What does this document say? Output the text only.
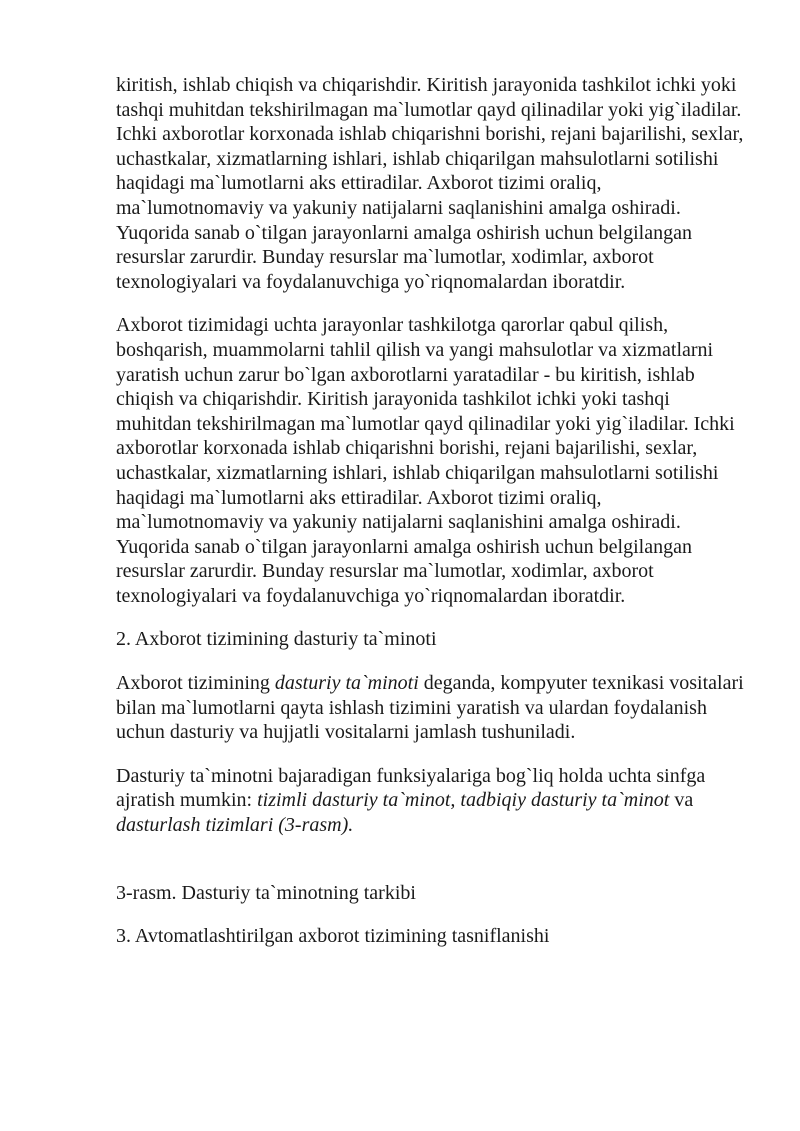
kiritish, ishlab chiqish va chiqarishdir. Kiritish jarayonida tashkilot ichki yoki tashqi muhitdan tekshirilmagan ma`lumotlar qayd qilinadilar yoki yig`iladilar. Ichki axborotlar korxonada ishlab chiqarishni borishi, rejani bajarilishi, sexlar, uchastkalar, xizmatlarning ishlari, ishlab chiqarilgan mahsulotlarni sotilishi haqidagi ma`lumotlarni aks ettiradilar. Axborot tizimi oraliq, ma`lumotnomaviy va yakuniy natijalarni saqlanishini amalga oshiradi. Yuqorida sanab o`tilgan jarayonlarni amalga oshirish uchun belgilangan resurslar zarurdir. Bunday resurslar ma`lumotlar, xodimlar, axborot texnologiyalari va foydalanuvchiga yo`riqnomalardan iboratdir.

Axborot tizimidagi uchta jarayonlar tashkilotga qarorlar qabul qilish, boshqarish, muammolarni tahlil qilish va yangi mahsulotlar va xizmatlarni yaratish uchun zarur bo`lgan axborotlarni yaratadilar - bu kiritish, ishlab chiqish va chiqarishdir. Kiritish jarayonida tashkilot ichki yoki tashqi muhitdan tekshirilmagan ma`lumotlar qayd qilinadilar yoki yig`iladilar. Ichki axborotlar korxonada ishlab chiqarishni borishi, rejani bajarilishi, sexlar, uchastkalar, xizmatlarning ishlari, ishlab chiqarilgan mahsulotlarni sotilishi haqidagi ma`lumotlarni aks ettiradilar. Axborot tizimi oraliq, ma`lumotnomaviy va yakuniy natijalarni saqlanishini amalga oshiradi. Yuqorida sanab o`tilgan jarayonlarni amalga oshirish uchun belgilangan resurslar zarurdir. Bunday resurslar ma`lumotlar, xodimlar, axborot texnologiyalari va foydalanuvchiga yo`riqnomalardan iboratdir.

2. Axborot tizimining dasturiy ta`minoti

Axborot tizimining dasturiy ta`minoti deganda, kompyuter texnikasi vositalari bilan ma`lumotlarni qayta ishlash tizimini yaratish va ulardan foydalanish uchun dasturiy va hujjatli vositalarni jamlash tushuniladi.

Dasturiy ta`minotni bajaradigan funksiyalariga bog`liq holda uchta sinfga ajratish mumkin: tizimli dasturiy ta`minot, tadbiqiy dasturiy ta`minot va dasturlash tizimlari (3-rasm).

3-rasm. Dasturiy ta`minotning tarkibi

3. Avtomatlashtirilgan axborot tizimining tasniflanishi
